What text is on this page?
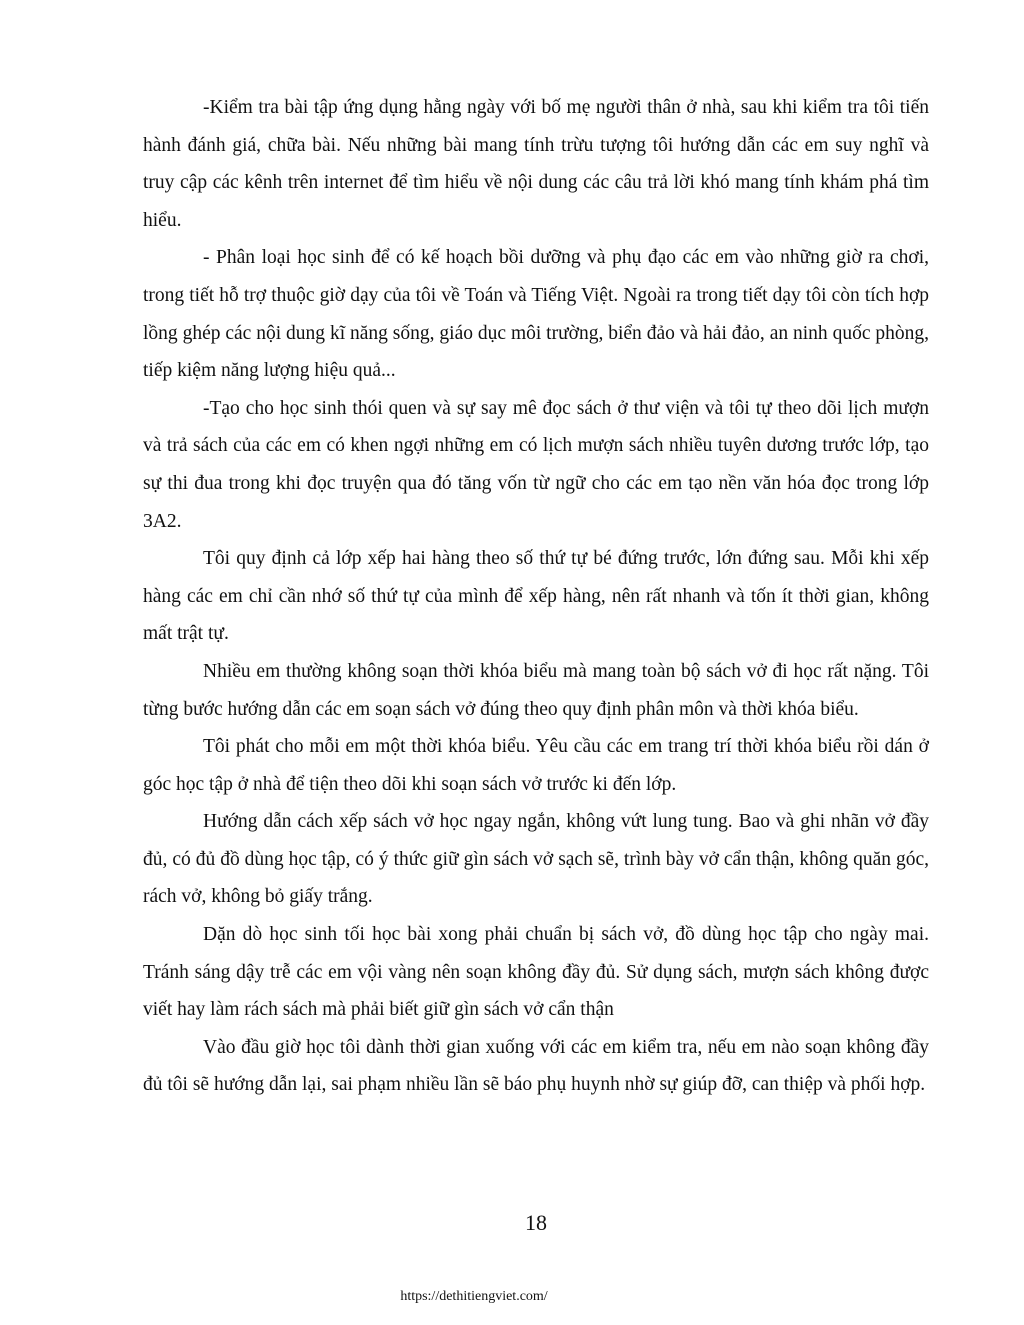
-Kiểm tra bài tập ứng dụng hằng ngày với bố mẹ người thân ở nhà, sau khi kiểm tra tôi tiến hành đánh giá, chữa bài. Nếu những bài mang tính trừu tượng tôi hướng dẫn các em suy nghĩ và truy cập các kênh trên internet để tìm hiểu về nội dung các câu trả lời khó mang tính khám phá tìm hiểu.

- Phân loại học sinh để có kế hoạch bồi dưỡng và phụ đạo các em vào những giờ ra chơi, trong tiết hỗ trợ thuộc giờ dạy của tôi về Toán và Tiếng Việt. Ngoài ra trong tiết dạy tôi còn tích hợp lồng ghép các nội dung kĩ năng sống, giáo dục môi trường, biển đảo và hải đảo, an ninh quốc phòng, tiếp kiệm năng lượng hiệu quả...

-Tạo cho học sinh thói quen và sự say mê đọc sách ở thư viện và tôi tự theo dõi lịch mượn và trả sách của các em có khen ngợi những em có lịch mượn sách nhiều tuyên dương trước lớp, tạo sự thi đua trong khi đọc truyện qua đó tăng vốn từ ngữ cho các em tạo nền văn hóa đọc trong lớp 3A2.

Tôi quy định cả lớp xếp hai hàng theo số thứ tự bé đứng trước, lớn đứng sau. Mỗi khi xếp hàng các em chỉ cần nhớ số thứ tự của mình để xếp hàng, nên rất nhanh và tốn ít thời gian, không mất trật tự.

Nhiều em thường không soạn thời khóa biểu mà mang toàn bộ sách vở đi học rất nặng. Tôi từng bước hướng dẫn các em soạn sách vở đúng theo quy định phân môn và thời khóa biểu.

Tôi phát cho mỗi em một thời khóa biểu. Yêu cầu các em trang trí thời khóa biểu rồi dán ở góc học tập ở nhà để tiện theo dõi khi soạn sách vở trước ki đến lớp.

Hướng dẫn cách xếp sách vở học ngay ngắn, không vứt lung tung. Bao và ghi nhãn vở đầy đủ, có đủ đồ dùng học tập, có ý thức giữ gìn sách vở sạch sẽ, trình bày vở cẩn thận, không quăn góc, rách vở, không bỏ giấy trắng.

Dặn dò học sinh tối học bài xong phải chuẩn bị sách vở, đồ dùng học tập cho ngày mai. Tránh sáng dậy trễ các em vội vàng nên soạn không đầy đủ. Sử dụng sách, mượn sách không được viết hay làm rách sách mà phải biết giữ gìn sách vở cẩn thận

Vào đầu giờ học tôi dành thời gian xuống với các em kiểm tra, nếu em nào soạn không đầy đủ tôi sẽ hướng dẫn lại, sai phạm nhiều lần sẽ báo phụ huynh nhờ sự giúp đỡ, can thiệp và phối hợp.

18
https://dethitiengviet.com/
